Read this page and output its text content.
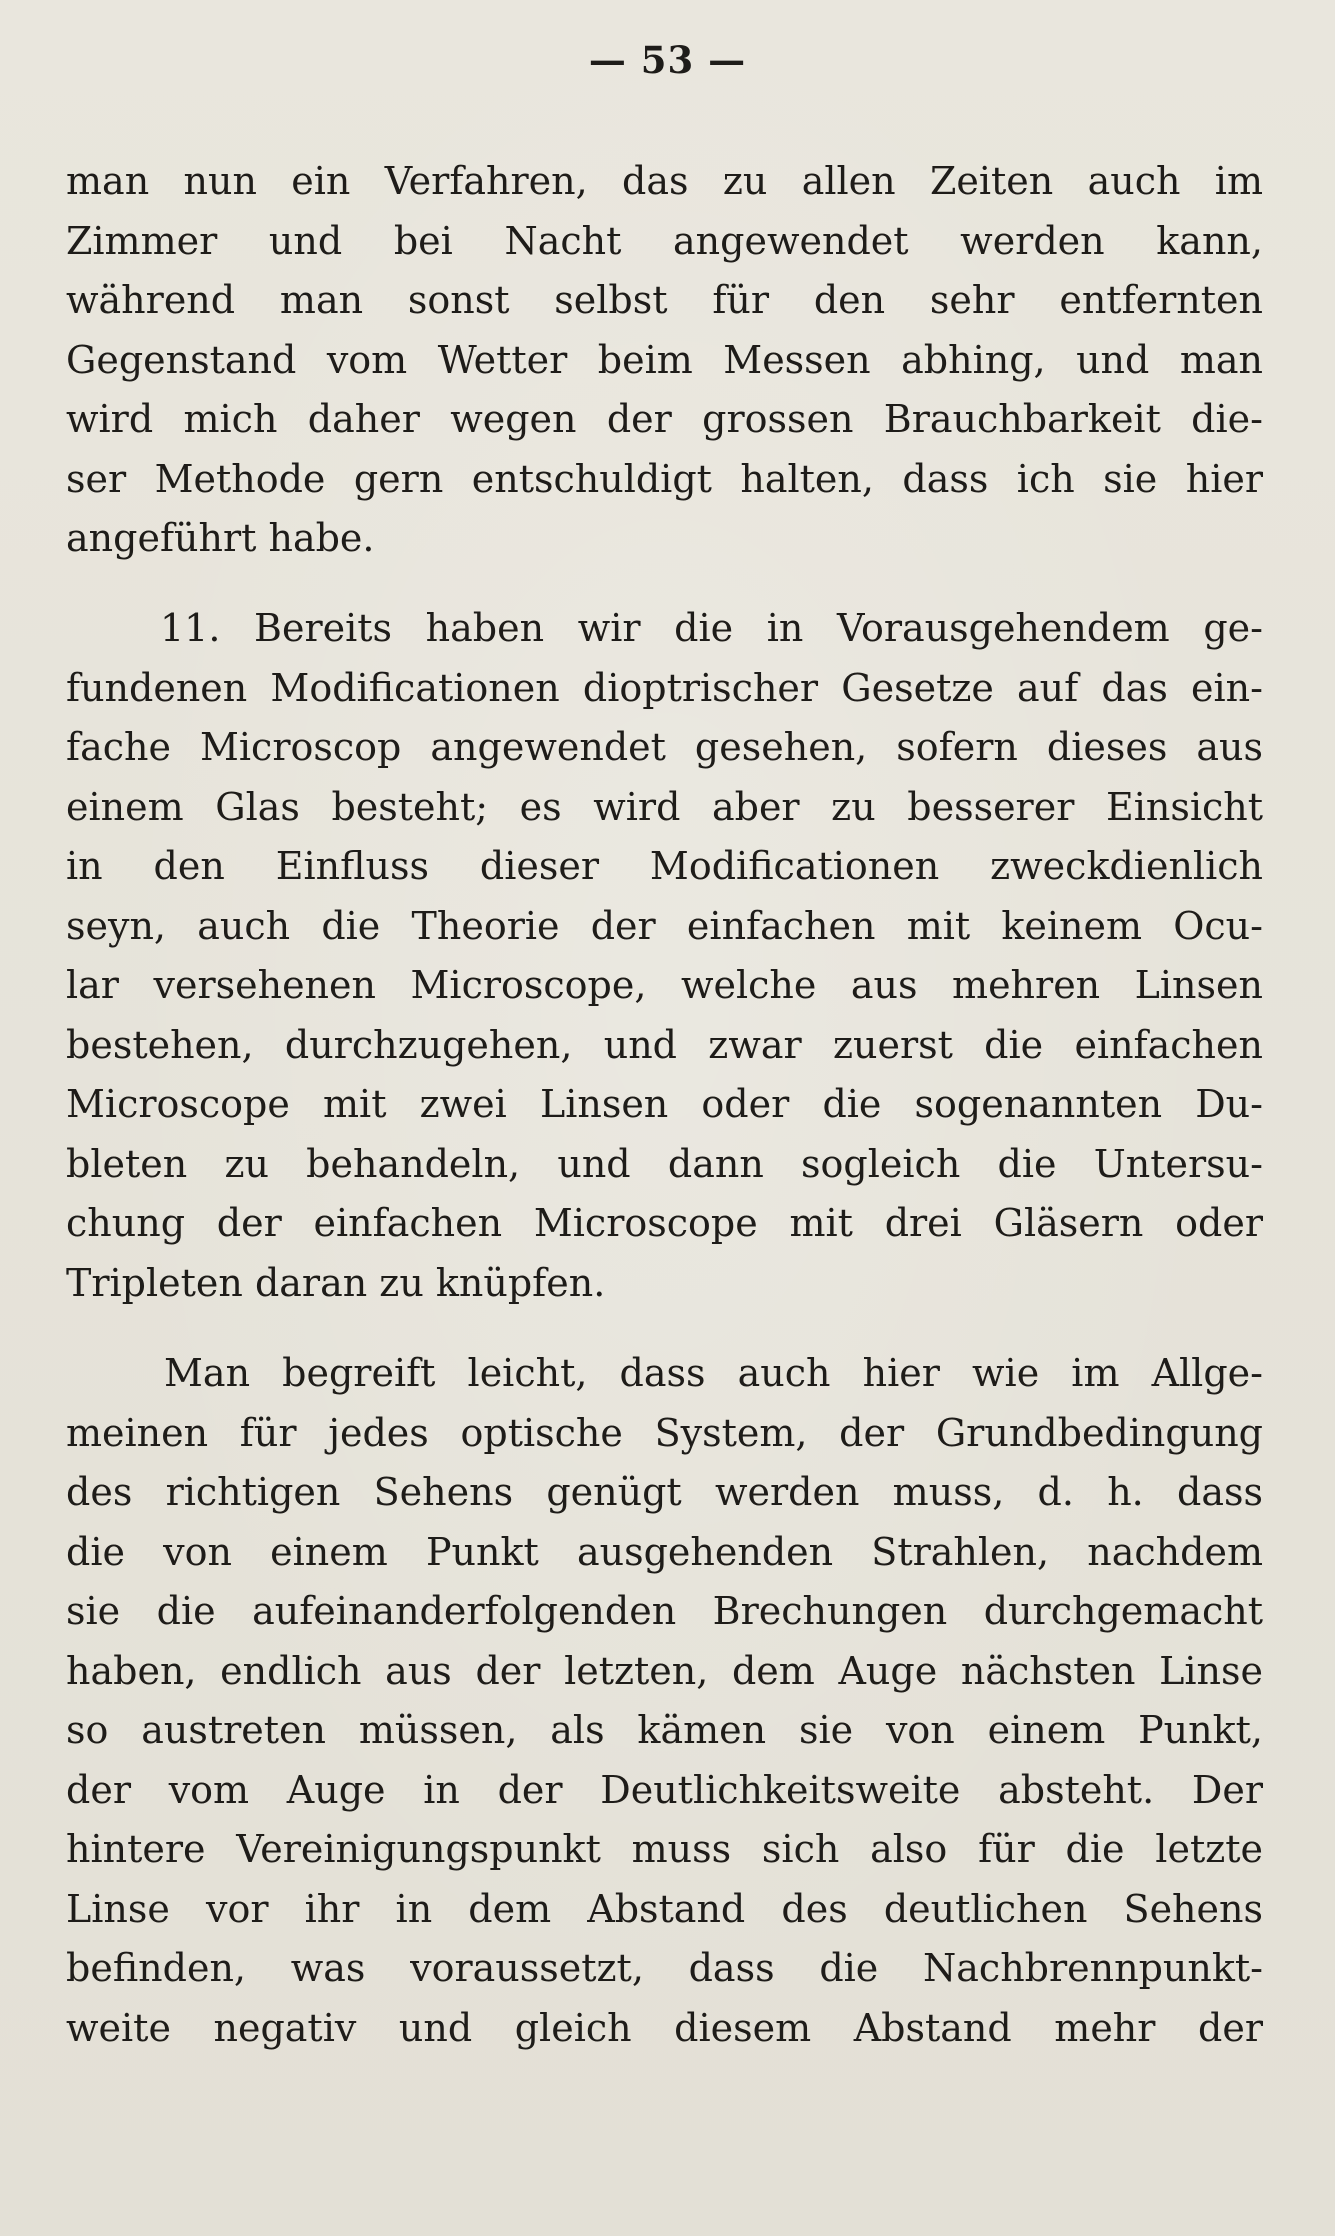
— 53 —
man nun ein Verfahren, das zu allen Zeiten auch im
Zimmer und bei Nacht angewendet werden kann,
während man sonst selbst für den sehr entfernten
Gegenstand vom Wetter beim Messen abhing, und man
wird mich daher wegen der grossen Brauchbarkeit die-
ser Methode gern entschuldigt halten, dass ich sie hier
angeführt habe.
11. Bereits haben wir die in Vorausgehendem ge-
fundenen Modificationen dioptrischer Gesetze auf das ein-
fache Microscop angewendet gesehen, sofern dieses aus
einem Glas besteht; es wird aber zu besserer Einsicht
in den Einfluss dieser Modificationen zweckdienlich
seyn, auch die Theorie der einfachen mit keinem Ocu-
lar versehenen Microscope, welche aus mehren Linsen
bestehen, durchzugehen, und zwar zuerst die einfachen
Microscope mit zwei Linsen oder die sogenannten Du-
bleten zu behandeln, und dann sogleich die Untersu-
chung der einfachen Microscope mit drei Gläsern oder
Tripleten daran zu knüpfen.
Man begreift leicht, dass auch hier wie im Allge-
meinen für jedes optische System, der Grundbedingung
des richtigen Sehens genügt werden muss, d. h. dass
die von einem Punkt ausgehenden Strahlen, nachdem
sie die aufeinanderfolgenden Brechungen durchgemacht
haben, endlich aus der letzten, dem Auge nächsten Linse
so austreten müssen, als kämen sie von einem Punkt,
der vom Auge in der Deutlichkeitsweite absteht. Der
hintere Vereinigungspunkt muss sich also für die letzte
Linse vor ihr in dem Abstand des deutlichen Sehens
befinden, was voraussetzt, dass die Nachbrennpunkt-
weite negativ und gleich diesem Abstand mehr der
